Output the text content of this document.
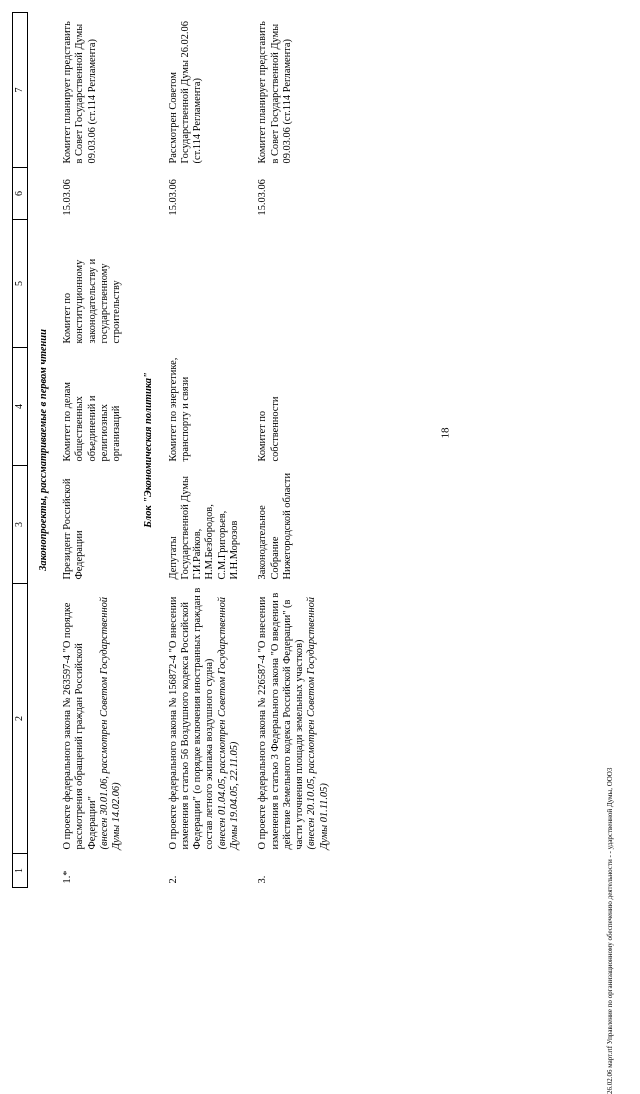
18
1	2	3	4	5	6	7
Законопроекты, рассматриваемые в первом чтении						
1.*	О проекте федерального закона № 263597-4 "О порядке рассмотрения обращений граждан Российской Федерации" (внесен 30.01.06, рассмотрен Советом Государственной Думы 14.02.06)	Президент Российской Федерации	Комитет по делам общественных объединений и религиозных организаций	Комитет по конституционному законодательству и государственному строительству	15.03.06	Комитет планирует представить в Совет Государственной Думы 09.03.06 (ст.114 Регламента)
Блок "Экономическая политика"						
2.	О проекте федерального закона № 156872-4 "О внесении изменения в статью 56 Воздушного кодекса Российской Федерации" (о порядке включения иностранных граждан в состав летного экипажа воздушного судна) (внесен 01.04.05, рассмотрен Советом Государственной Думы 19.04.05, 22.11.05)	Депутаты Государственной Думы Г.И.Райков, Н.М.Безбородов, С.М.Григорьев, И.Н.Морозов	Комитет по энергетике, транспорту и связи		15.03.06	Рассмотрен Советом Государственной Думы 26.02.06 (ст.114 Регламента)
3.	О проекте федерального закона № 226587-4 "О внесении изменения в статью 3 Федерального закона "О введении в действие Земельного кодекса Российской Федерации" (в части уточнения площади земельных участков) (внесен 20.10.05, рассмотрен Советом Государственной Думы 01.11.05)	Законодательное Собрание Нижегородской области	Комитет по собственности		15.03.06	Комитет планирует представить в Совет Государственной Думы 09.03.06 (ст.114 Регламента)
26.02.06 март.rtf Управление по организационному обеспечению деятельности - - ударственной Думы, ООО3
